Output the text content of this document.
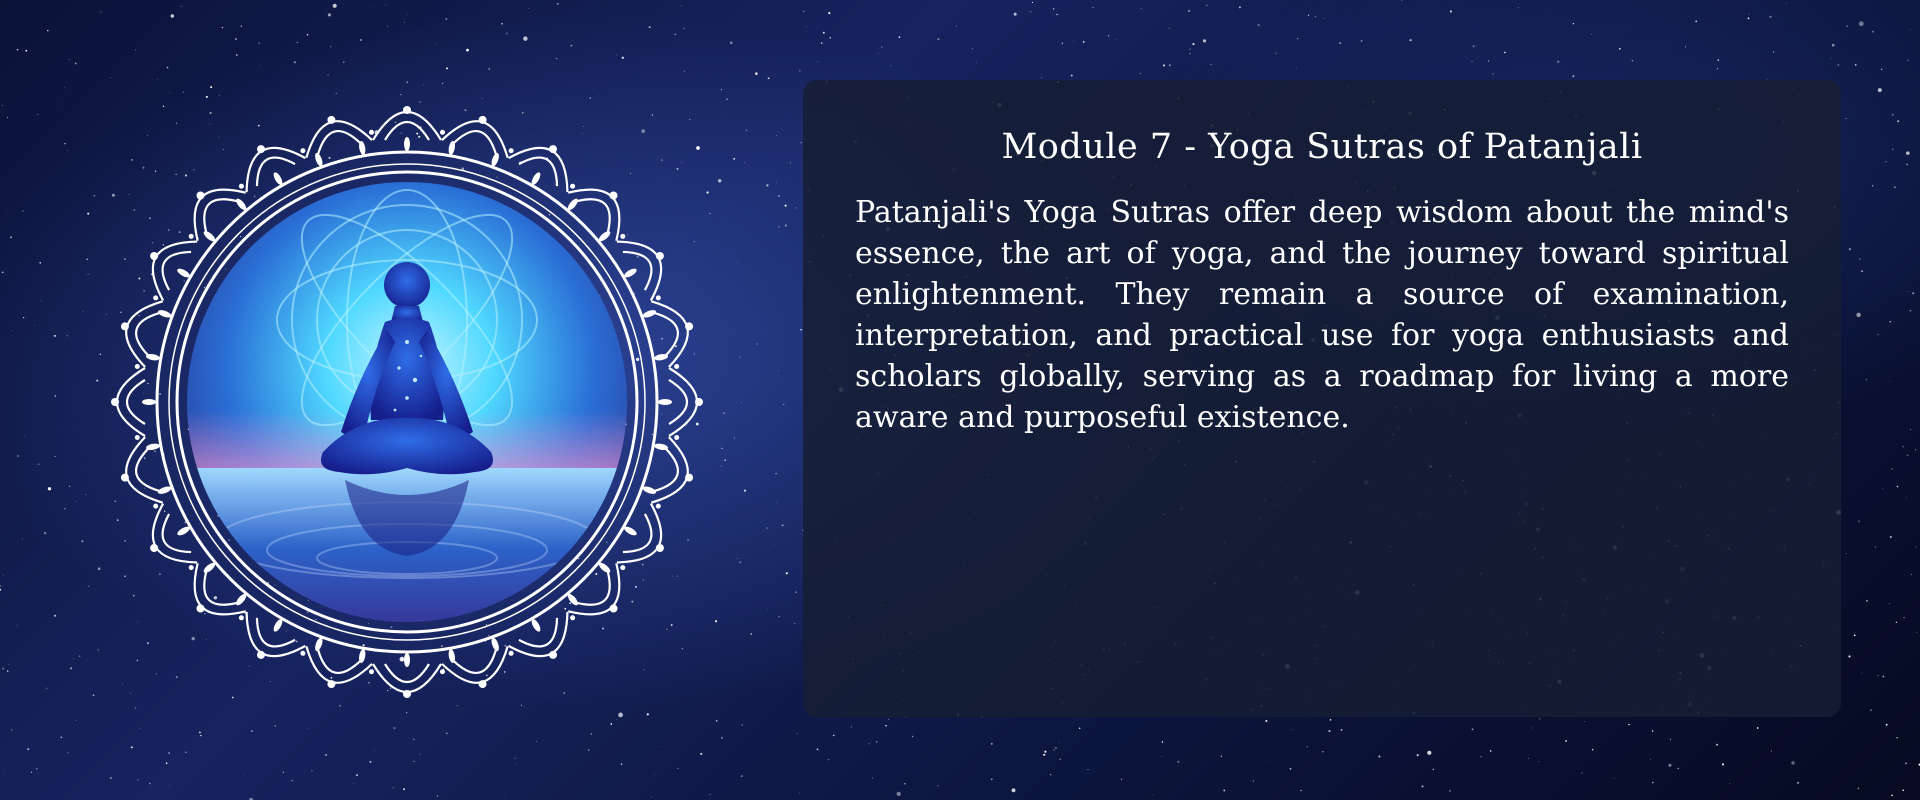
Module 7 - Yoga Sutras of Patanjali

Patanjali's Yoga Sutras offer deep wisdom about the mind's essence, the art of yoga, and the journey toward spiritual enlightenment. They remain a source of examination, interpretation, and practical use for yoga enthusiasts and scholars globally, serving as a roadmap for living a more aware and purposeful existence.
